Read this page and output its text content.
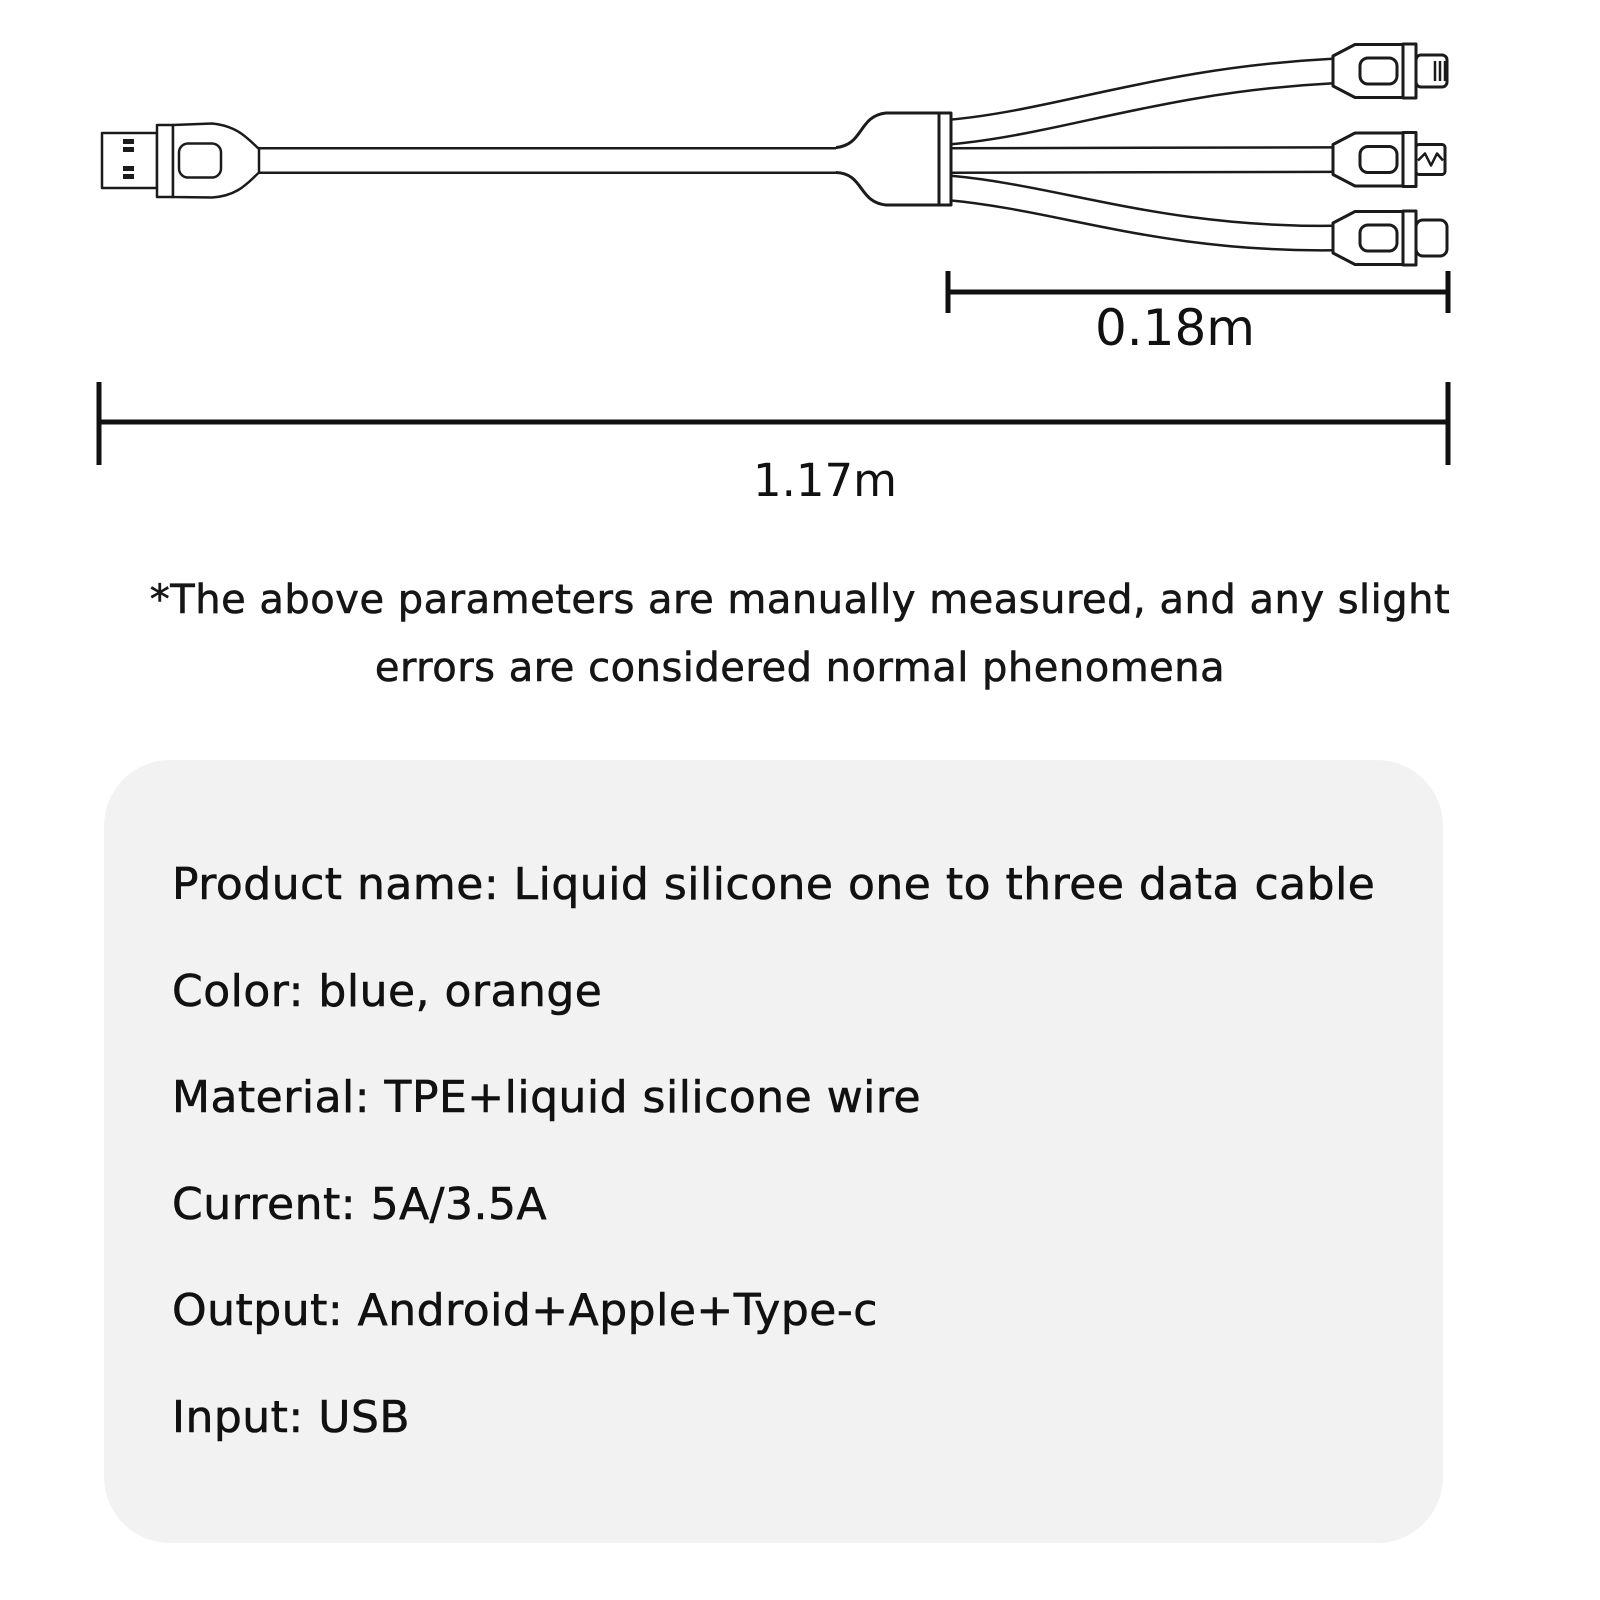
0.18m
1.17m
*The above parameters are manually measured, and any slight
errors are considered normal phenomena
Product name: Liquid silicone one to three data cable
Color: blue, orange
Material: TPE+liquid silicone wire
Current: 5A/3.5A
Output: Android+Apple+Type-c
Input: USB
